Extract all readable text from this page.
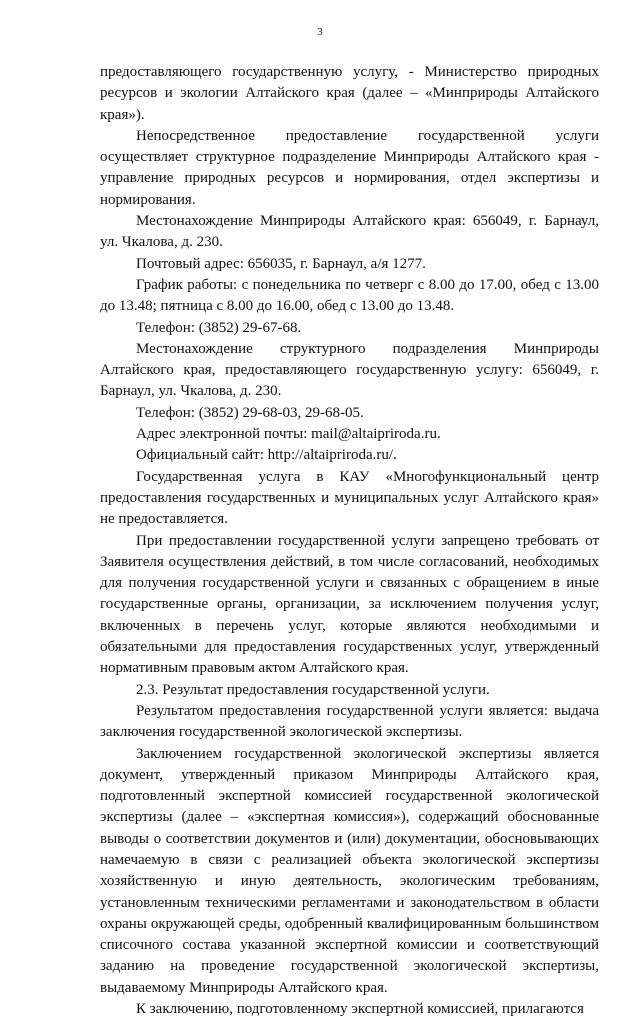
3

предоставляющего государственную услугу, - Министерство природных ресурсов и экологии Алтайского края (далее – «Минприроды Алтайского края»).

Непосредственное предоставление государственной услуги осуществляет структурное подразделение Минприроды Алтайского края - управление природных ресурсов и нормирования, отдел экспертизы и нормирования.

Местонахождение Минприроды Алтайского края: 656049, г. Барнаул, ул. Чкалова, д. 230.

Почтовый адрес: 656035, г. Барнаул, а/я 1277.

График работы: с понедельника по четверг с 8.00 до 17.00, обед с 13.00 до 13.48; пятница с 8.00 до 16.00, обед с 13.00 до 13.48.

Телефон: (3852) 29-67-68.

Местонахождение структурного подразделения Минприроды Алтайского края, предоставляющего государственную услугу: 656049, г. Барнаул, ул. Чкалова, д. 230.

Телефон: (3852) 29-68-03, 29-68-05.

Адрес электронной почты: mail@altaipriroda.ru.

Официальный сайт: http://altaipriroda.ru/.

Государственная услуга в КАУ «Многофункциональный центр предоставления государственных и муниципальных услуг Алтайского края» не предоставляется.

При предоставлении государственной услуги запрещено требовать от Заявителя осуществления действий, в том числе согласований, необходимых для получения государственной услуги и связанных с обращением в иные государственные органы, организации, за исключением получения услуг, включенных в перечень услуг, которые являются необходимыми и обязательными для предоставления государственных услуг, утвержденный нормативным правовым актом Алтайского края.

2.3. Результат предоставления государственной услуги.

Результатом предоставления государственной услуги является: выдача заключения государственной экологической экспертизы.

Заключением государственной экологической экспертизы является документ, утвержденный приказом Минприроды Алтайского края, подготовленный экспертной комиссией государственной экологической экспертизы (далее – «экспертная комиссия»), содержащий обоснованные выводы о соответствии документов и (или) документации, обосновывающих намечаемую в связи с реализацией объекта экологической экспертизы хозяйственную и иную деятельность, экологическим требованиям, установленным техническими регламентами и законодательством в области охраны окружающей среды, одобренный квалифицированным большинством списочного состава указанной экспертной комиссии и соответствующий заданию на проведение государственной экологической экспертизы, выдаваемому Минприроды Алтайского края.

К заключению, подготовленному экспертной комиссией, прилагаются
